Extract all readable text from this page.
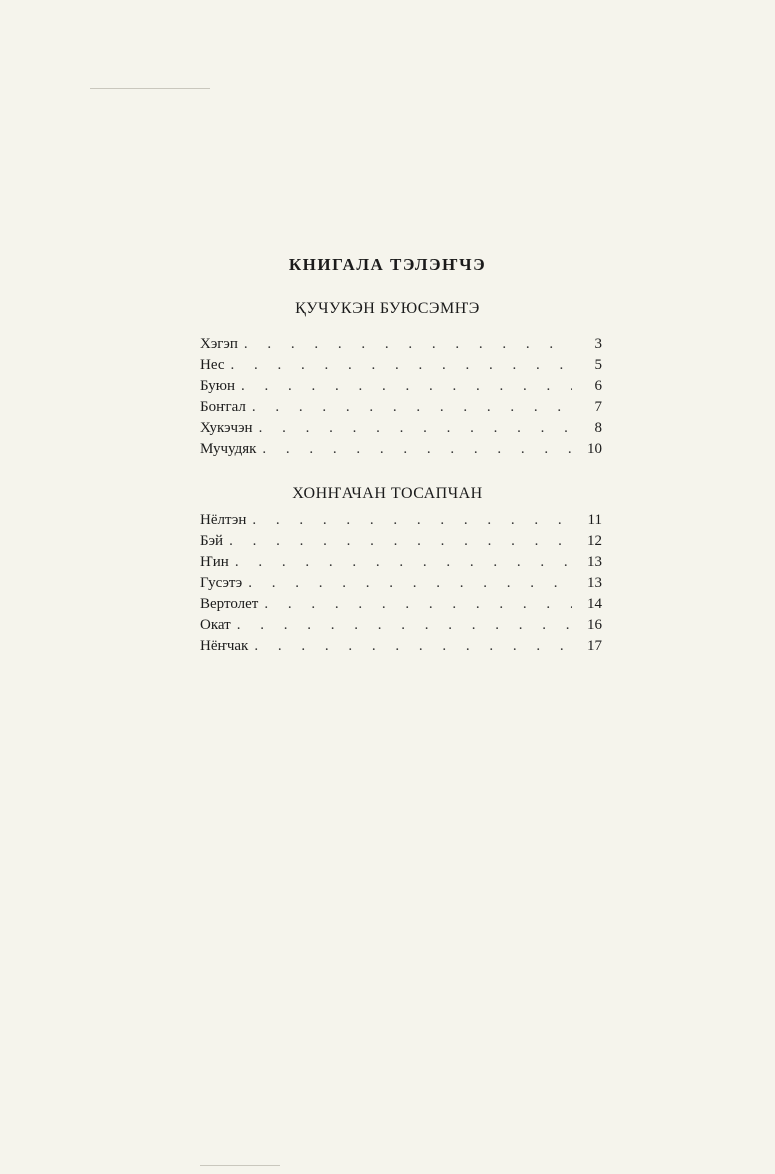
КНИГАЛА ТЭЛЭҤЧЭ
ҚУЧУКЭН БУЮСЭМҤЭ
Хэгэп . . .	3
Нес . . .	5
Буюн . . .	6
Боҥгал . . .	7
Хукэчэн . . .	8
Мучудяк . . .	10
ХОНҤАЧАН ТОСАПЧАН
Нёлтэн . . .	11
Бэй . . .	12
Ҥин . . .	13
Гусэтэ . . .	13
Вертолет . . .	14
Окат . . .	16
Нёҥчак . . .	17
